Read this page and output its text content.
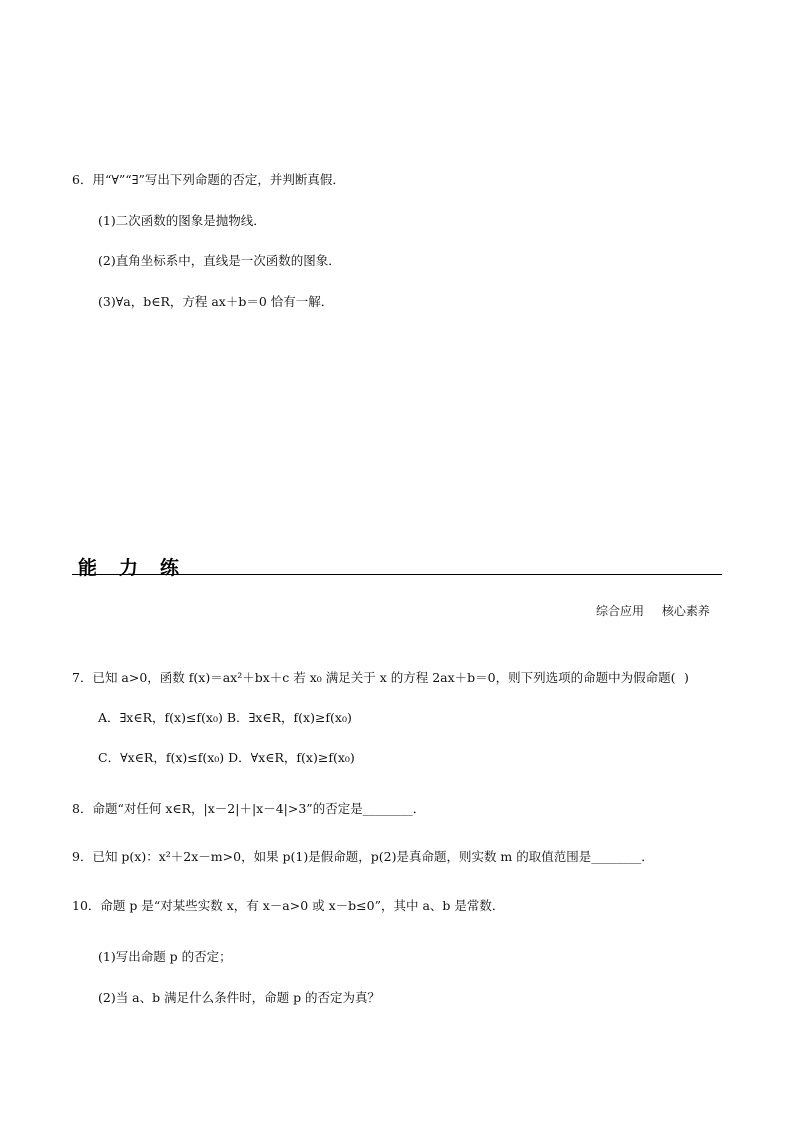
6．用“∀”“∃”写出下列命题的否定，并判断真假．
(1)二次函数的图象是抛物线．
(2)直角坐标系中，直线是一次函数的图象．
(3)∀a，b∈R，方程 ax＋b＝0 恰有一解．
能力练
综合应用 核心素养
7．已知 a>0，函数 f(x)＝ax²＋bx＋c 若 x₀ 满足关于 x 的方程 2ax＋b＝0，则下列选项的命题中为假命题( )
A．∃x∈R，f(x)≤f(x₀) B．∃x∈R，f(x)≥f(x₀)
C．∀x∈R，f(x)≤f(x₀) D．∀x∈R，f(x)≥f(x₀)
8．命题“对任何 x∈R，|x－2|＋|x－4|>3”的否定是________．
9．已知 p(x)：x²＋2x－m>0，如果 p(1)是假命题，p(2)是真命题，则实数 m 的取值范围是________．
10．命题 p 是“对某些实数 x，有 x－a>0 或 x－b≤0”，其中 a、b 是常数．
(1)写出命题 p 的否定；
(2)当 a、b 满足什么条件时，命题 p 的否定为真？
